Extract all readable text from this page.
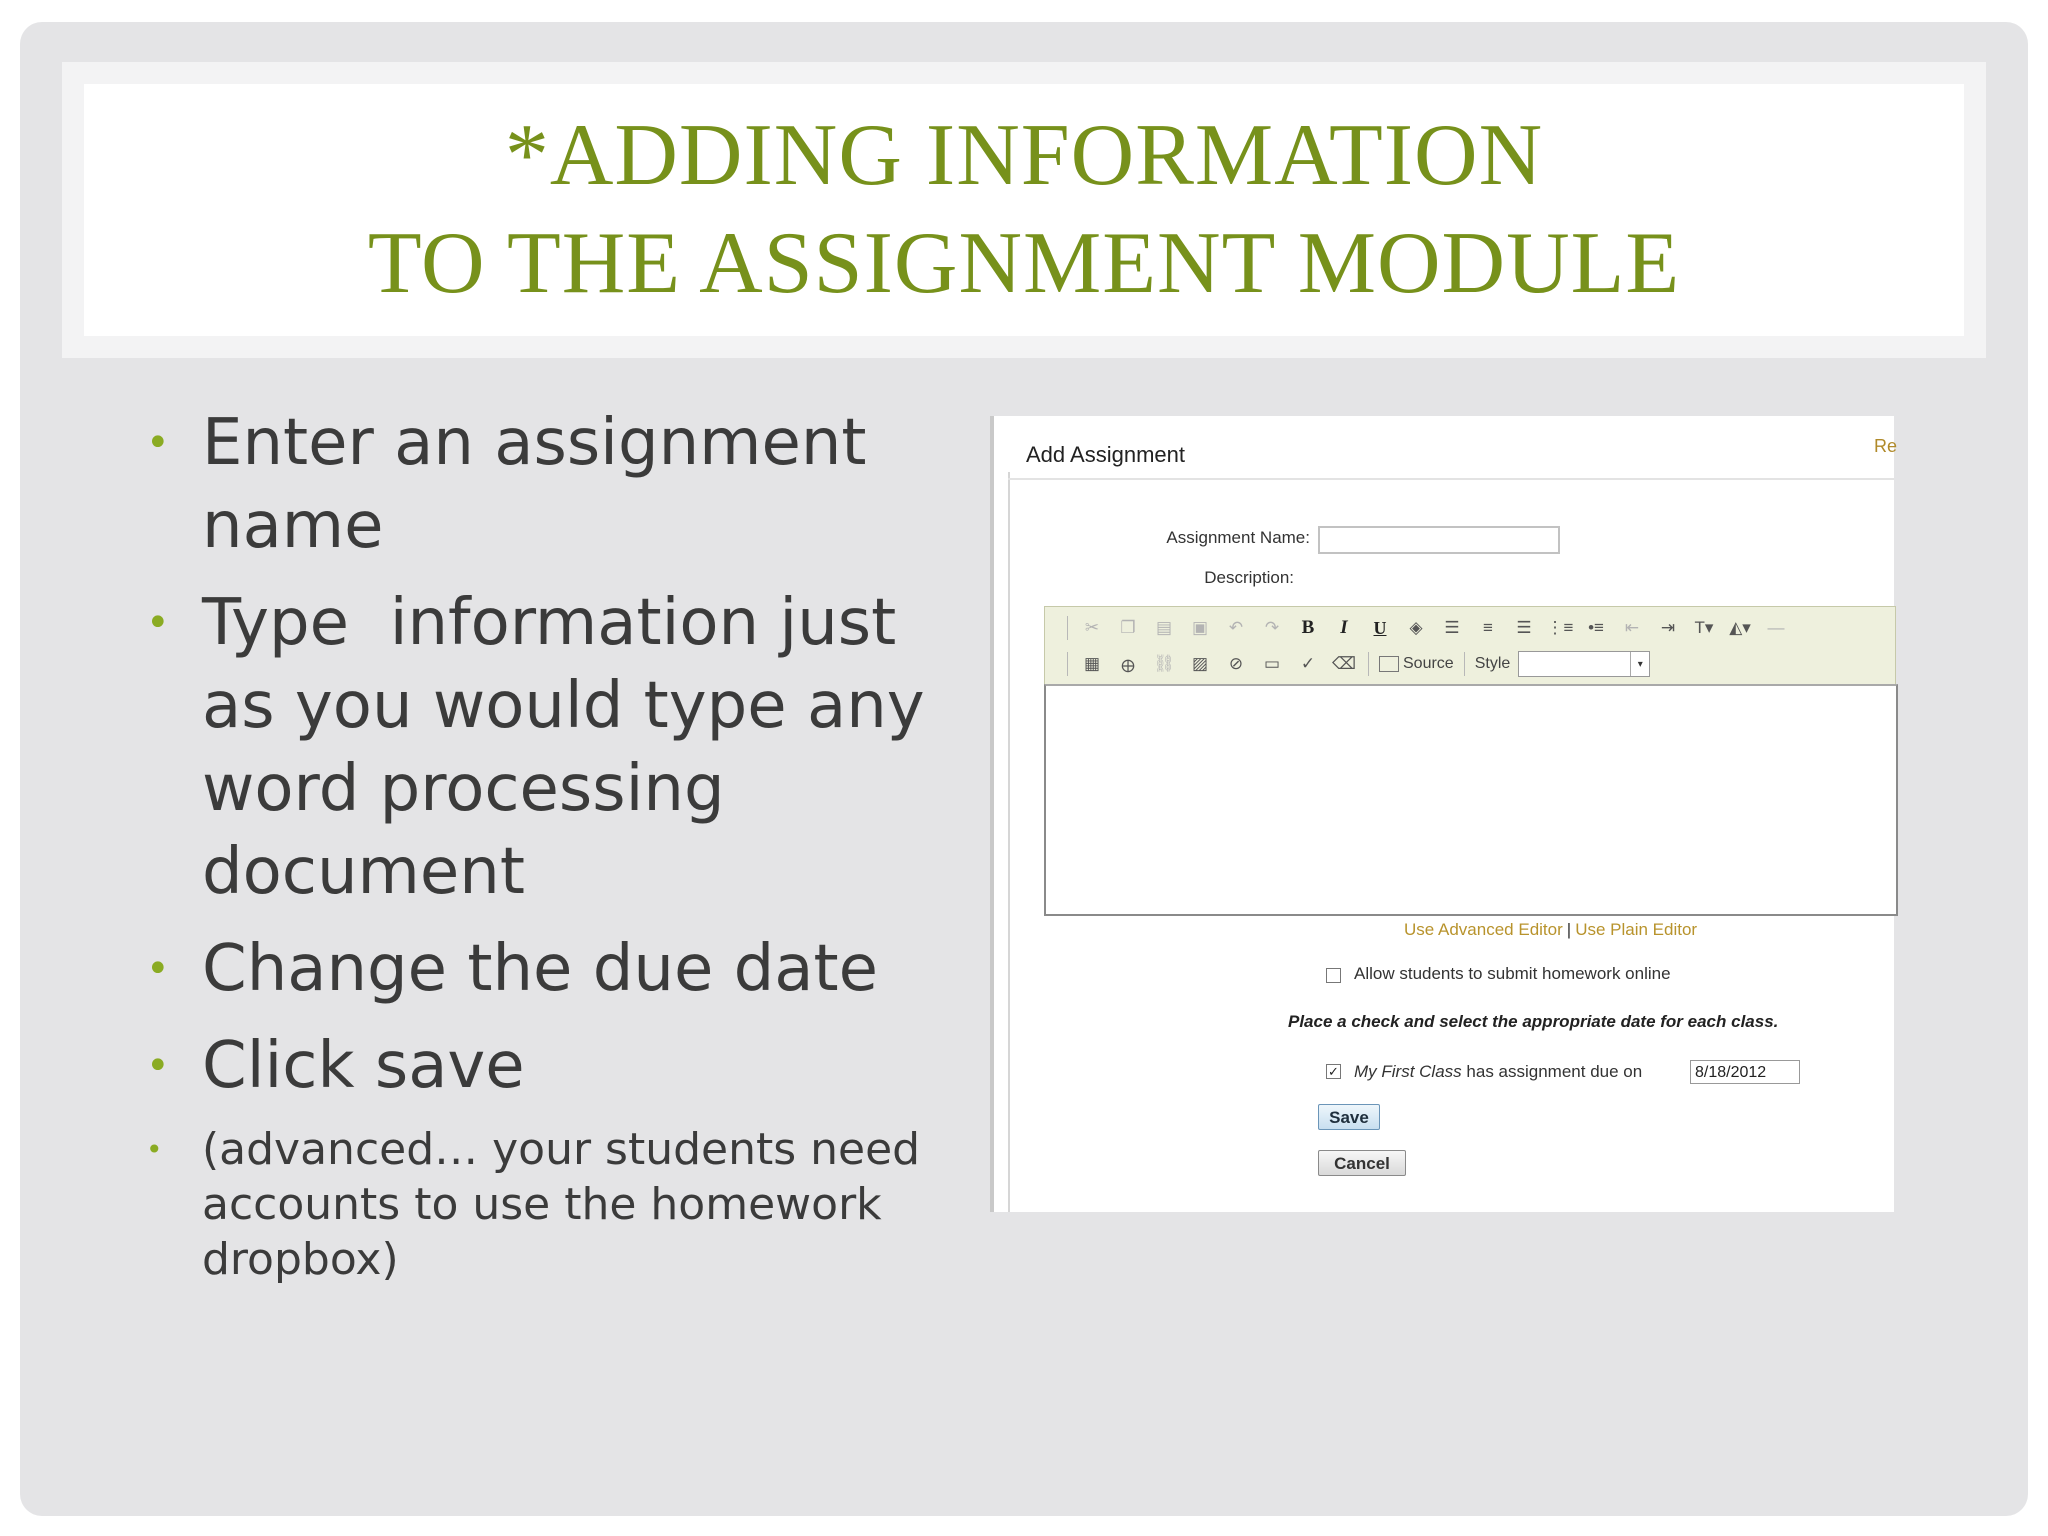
*ADDING INFORMATION
TO THE ASSIGNMENT MODULE
• Enter an assignment name
• Type  information just as you would type any word processing document
• Change the due date
• Click save
• (advanced… your students need accounts to use the homework dropbox)
Add Assignment	Re
Assignment Name:
Description:
✂	❐	▤	▣	↶	↷	B	I	U	◈	☰	≡	☰ ⋮≡ •≡	⇤	⇥	T▾ ◭▾ ―
▦	🜨	⛓	▨	⊘	▭	✓ ⌫	Source Style	▾
Use Advanced Editor | Use Plain Editor
Allow students to submit homework online
Place a check and select the appropriate date for each class.
✓ My First Class has assignment due on	8/18/2012
Save
Cancel
